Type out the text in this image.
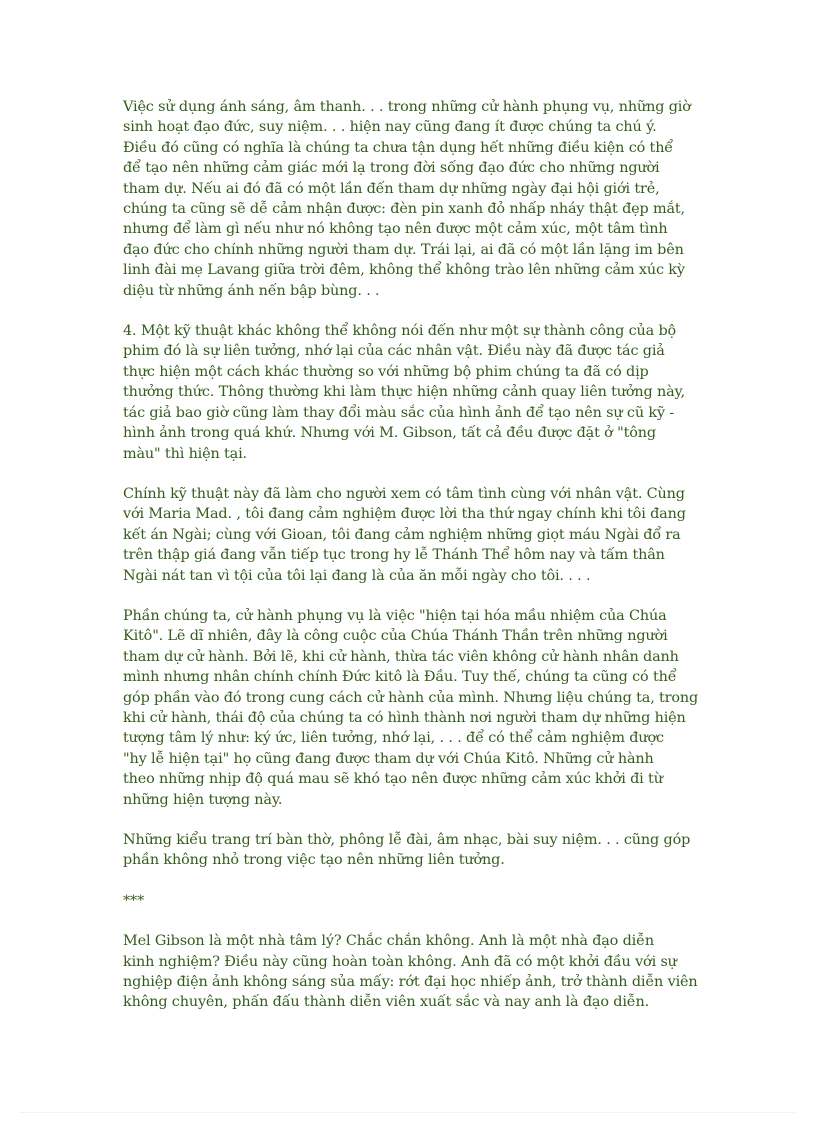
Việc sử dụng ánh sáng, âm thanh. . . trong những cử hành phụng vụ, những giờ
sinh hoạt đạo đức, suy niệm. . . hiện nay cũng đang ít được chúng ta chú ý.
Điều đó cũng có nghĩa là chúng ta chưa tận dụng hết những điều kiện có thể
để tạo nên những cảm giác mới lạ trong đời sống đạo đức cho những người
tham dự. Nếu ai đó đã có một lần đến tham dự những ngày đại hội giới trẻ,
chúng ta cũng sẽ dễ cảm nhận được: đèn pin xanh đỏ nhấp nháy thật đẹp mắt,
nhưng để làm gì nếu như nó không tạo nên được một cảm xúc, một tâm tình
đạo đức cho chính những người tham dự. Trái lại, ai đã có một lần lặng im bên
linh đài mẹ Lavang giữa trời đêm, không thể không trào lên những cảm xúc kỳ
diệu từ những ánh nến bập bùng. . .

4. Một kỹ thuật khác không thể không nói đến như một sự thành công của bộ
phim đó là sự liên tưởng, nhớ lại của các nhân vật. Điều này đã được tác giả
thực hiện một cách khác thường so với những bộ phim chúng ta đã có dịp
thưởng thức. Thông thường khi làm thực hiện những cảnh quay liên tưởng này,
tác giả bao giờ cũng làm thay đổi màu sắc của hình ảnh để tạo nên sự cũ kỹ -
hình ảnh trong quá khứ. Nhưng với M. Gibson, tất cả đều được đặt ở "tông
màu" thì hiện tại.

Chính kỹ thuật này đã làm cho người xem có tâm tình cùng với nhân vật. Cùng
với Maria Mad. , tôi đang cảm nghiệm được lời tha thứ ngay chính khi tôi đang
kết án Ngài; cùng với Gioan, tôi đang cảm nghiệm những giọt máu Ngài đổ ra
trên thập giá đang vẫn tiếp tục trong hy lễ Thánh Thể hôm nay và tấm thân
Ngài nát tan vì tội của tôi lại đang là của ăn mỗi ngày cho tôi. . . .

Phần chúng ta, cử hành phụng vụ là việc "hiện tại hóa mầu nhiệm của Chúa
Kitô". Lẽ dĩ nhiên, đây là công cuộc của Chúa Thánh Thần trên những người
tham dự cử hành. Bởi lẽ, khi cử hành, thừa tác viên không cử hành nhân danh
mình nhưng nhân chính chính Đức kitô là Đầu. Tuy thế, chúng ta cũng có thể
góp phần vào đó trong cung cách cử hành của mình. Nhưng liệu chúng ta, trong
khi cử hành, thái độ của chúng ta có hình thành nơi người tham dự những hiện
tượng tâm lý như: ký ức, liên tưởng, nhớ lại, . . . để có thể cảm nghiệm được
"hy lễ hiện tại" họ cũng đang được tham dự với Chúa Kitô. Những cử hành
theo những nhịp độ quá mau sẽ khó tạo nên được những cảm xúc khởi đi từ
những hiện tượng này.

Những kiểu trang trí bàn thờ, phông lễ đài, âm nhạc, bài suy niệm. . . cũng góp
phần không nhỏ trong việc tạo nên những liên tưởng.

***

Mel Gibson là một nhà tâm lý? Chắc chắn không. Anh là một nhà đạo diễn
kinh nghiệm? Điều này cũng hoàn toàn không. Anh đã có một khởi đầu với sự
nghiệp điện ảnh không sáng sủa mấy: rớt đại học nhiếp ảnh, trở thành diễn viên
không chuyên, phấn đấu thành diễn viên xuất sắc và nay anh là đạo diễn.
